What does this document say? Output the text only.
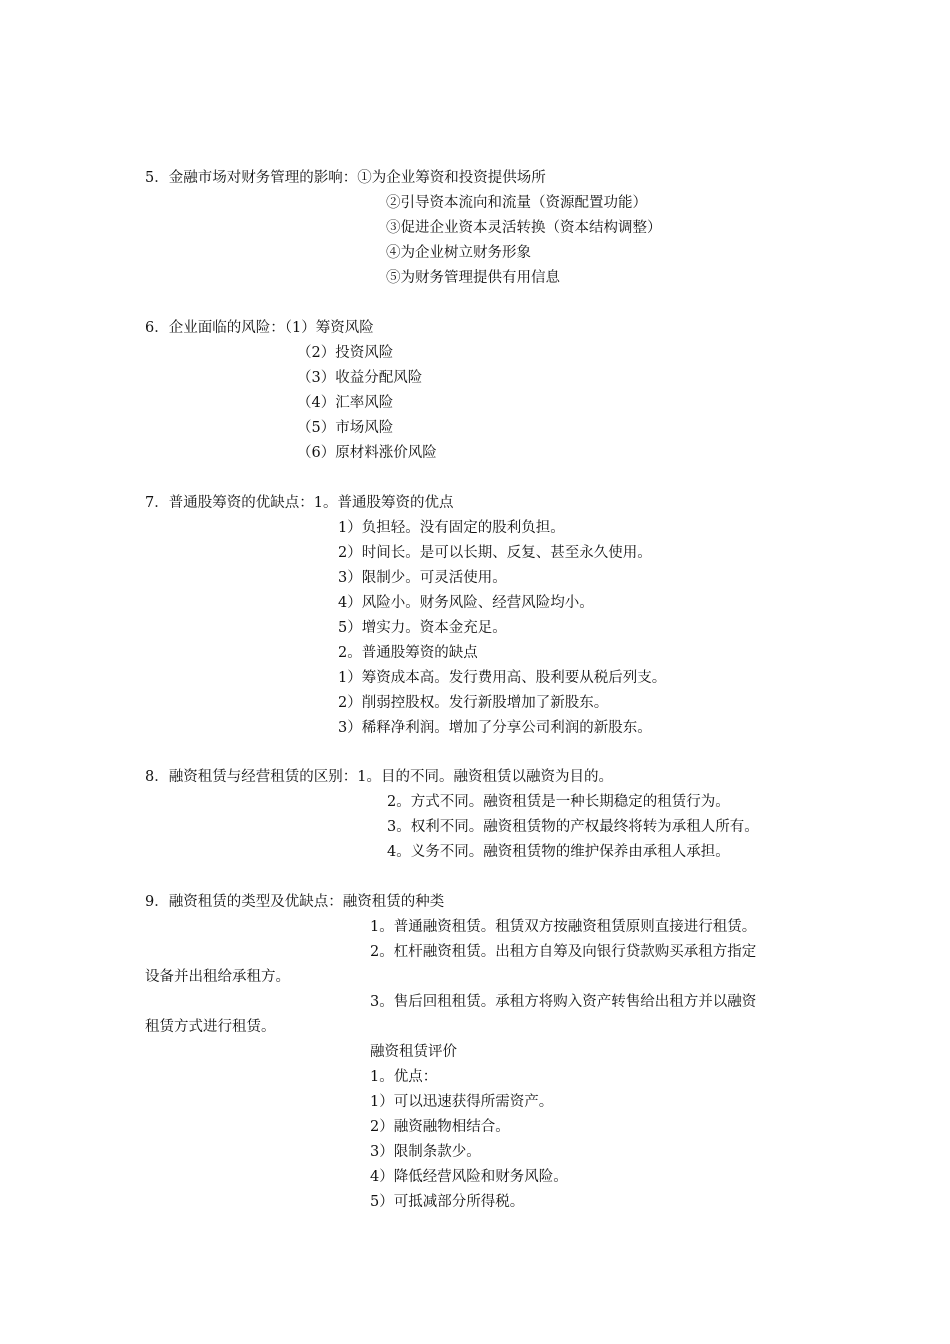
5．金融市场对财务管理的影响：①为企业筹资和投资提供场所
②引导资本流向和流量（资源配置功能）
③促进企业资本灵活转换（资本结构调整）
④为企业树立财务形象
⑤为财务管理提供有用信息
6．企业面临的风险：（1）筹资风险
（2）投资风险
（3）收益分配风险
（4）汇率风险
（5）市场风险
（6）原材料涨价风险
7．普通股筹资的优缺点：1。普通股筹资的优点
1）负担轻。没有固定的股利负担。
2）时间长。是可以长期、反复、甚至永久使用。
3）限制少。可灵活使用。
4）风险小。财务风险、经营风险均小。
5）增实力。资本金充足。
2。普通股筹资的缺点
1）筹资成本高。发行费用高、股利要从税后列支。
2）削弱控股权。发行新股增加了新股东。
3）稀释净利润。增加了分享公司利润的新股东。
8．融资租赁与经营租赁的区别：1。目的不同。融资租赁以融资为目的。
2。方式不同。融资租赁是一种长期稳定的租赁行为。
3。权利不同。融资租赁物的产权最终将转为承租人所有。
4。义务不同。融资租赁物的维护保养由承租人承担。
9．融资租赁的类型及优缺点：融资租赁的种类
1。普通融资租赁。租赁双方按融资租赁原则直接进行租赁。
2。杠杆融资租赁。出租方自筹及向银行贷款购买承租方指定
设备并出租给承租方。
3。售后回租租赁。承租方将购入资产转售给出租方并以融资
租赁方式进行租赁。
融资租赁评价
1。优点：
1）可以迅速获得所需资产。
2）融资融物相结合。
3）限制条款少。
4）降低经营风险和财务风险。
5）可抵减部分所得税。
